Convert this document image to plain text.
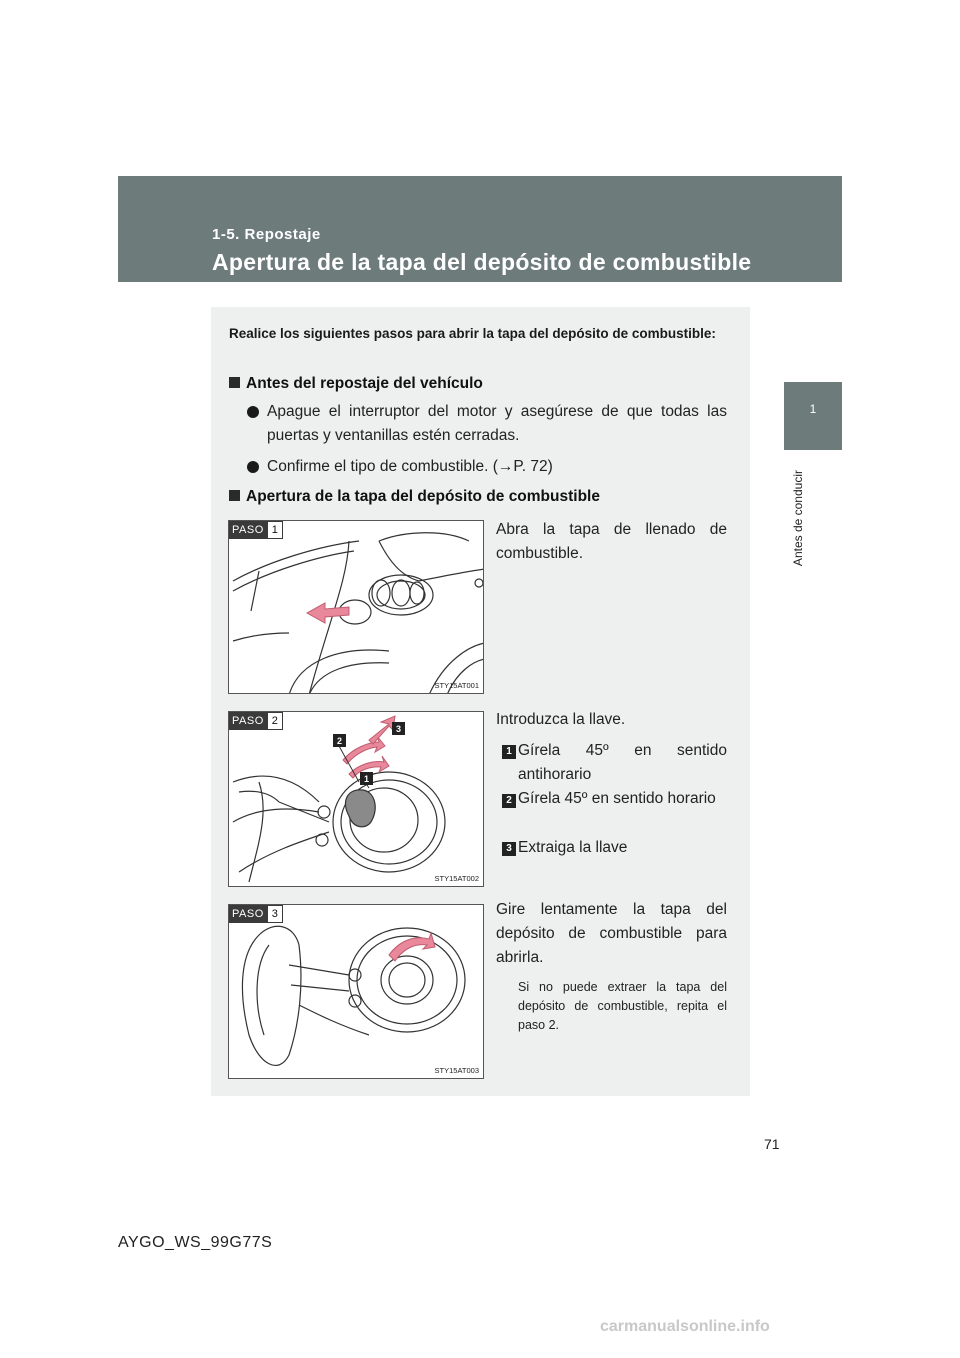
1-5. Repostaje
Apertura de la tapa del depósito de combustible
1
Antes de conducir
Realice los siguientes pasos para abrir la tapa del depósito de combustible:
Antes del repostaje del vehículo
Apague el interruptor del motor y asegúrese de que todas las puertas y ventanillas estén cerradas.
Confirme el tipo de combustible. (→P. 72)
Apertura de la tapa del depósito de combustible
PASO 1
STY15AT001
Abra la tapa de llenado de combustible.
2
1
3
PASO 2
STY15AT002
Introduzca la llave.
1 Gírela 45º en sentido antihorario
2 Gírela 45º en sentido horario
3 Extraiga la llave
PASO 3
STY15AT003
Gire lentamente la tapa del depósito de combustible para abrirla.
Si no puede extraer la tapa del depósito de combustible, repita el paso 2.
71
AYGO_WS_99G77S
carmanualsonline.info
